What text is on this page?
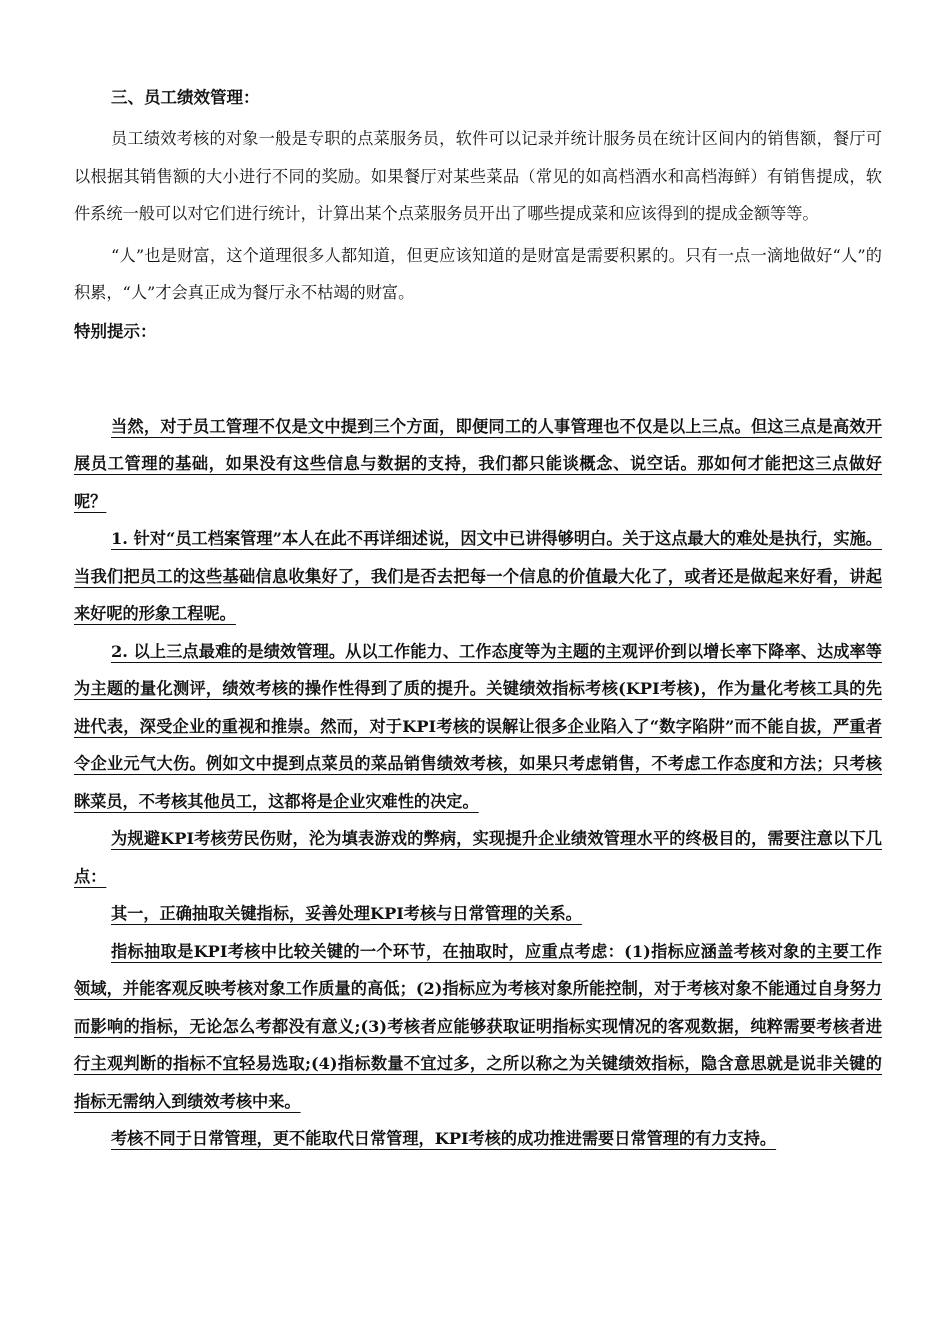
三、员工绩效管理：

员工绩效考核的对象一般是专职的点菜服务员，软件可以记录并统计服务员在统计区间内的销售额，餐厅可以根据其销售额的大小进行不同的奖励。如果餐厅对某些菜品（常见的如高档酒水和高档海鲜）有销售提成，软件系统一般可以对它们进行统计，计算出某个点菜服务员开出了哪些提成菜和应该得到的提成金额等等。

“人”也是财富，这个道理很多人都知道，但更应该知道的是财富是需要积累的。只有一点一滴地做好“人”的积累，“人”才会真正成为餐厅永不枯竭的财富。

特别提示：

当然，对于员工管理不仅是文中提到三个方面，即便同工的人事管理也不仅是以上三点。但这三点是高效开展员工管理的基础，如果没有这些信息与数据的支持，我们都只能谈概念、说空话。那如何才能把这三点做好呢？

1. 针对“员工档案管理”本人在此不再详细述说，因文中已讲得够明白。关于这点最大的难处是执行，实施。当我们把员工的这些基础信息收集好了，我们是否去把每一个信息的价值最大化了，或者还是做起来好看，讲起来好呢的形象工程呢。

2. 以上三点最难的是绩效管理。从以工作能力、工作态度等为主题的主观评价到以增长率下降率、达成率等为主题的量化测评，绩效考核的操作性得到了质的提升。关键绩效指标考核(KPI考核)，作为量化考核工具的先进代表，深受企业的重视和推崇。然而，对于KPI考核的误解让很多企业陷入了“数字陷阱”而不能自拔，严重者令企业元气大伤。例如文中提到点菜员的菜品销售绩效考核，如果只考虑销售，不考虑工作态度和方法；只考核眯菜员，不考核其他员工，这都将是企业灾难性的决定。

为规避KPI考核劳民伤财，沦为填表游戏的弊病，实现提升企业绩效管理水平的终极目的，需要注意以下几点：

其一，正确抽取关键指标，妥善处理KPI考核与日常管理的关系。

指标抽取是KPI考核中比较关键的一个环节，在抽取时，应重点考虑：(1)指标应涵盖考核对象的主要工作领域，并能客观反映考核对象工作质量的高低；(2)指标应为考核对象所能控制，对于考核对象不能通过自身努力而影响的指标，无论怎么考都没有意义;(3)考核者应能够获取证明指标实现情况的客观数据，纯粹需要考核者进行主观判断的指标不宜轻易选取;(4)指标数量不宜过多，之所以称之为关键绩效指标，隐含意思就是说非关键的指标无需纳入到绩效考核中来。

考核不同于日常管理，更不能取代日常管理，KPI考核的成功推进需要日常管理的有力支持。
